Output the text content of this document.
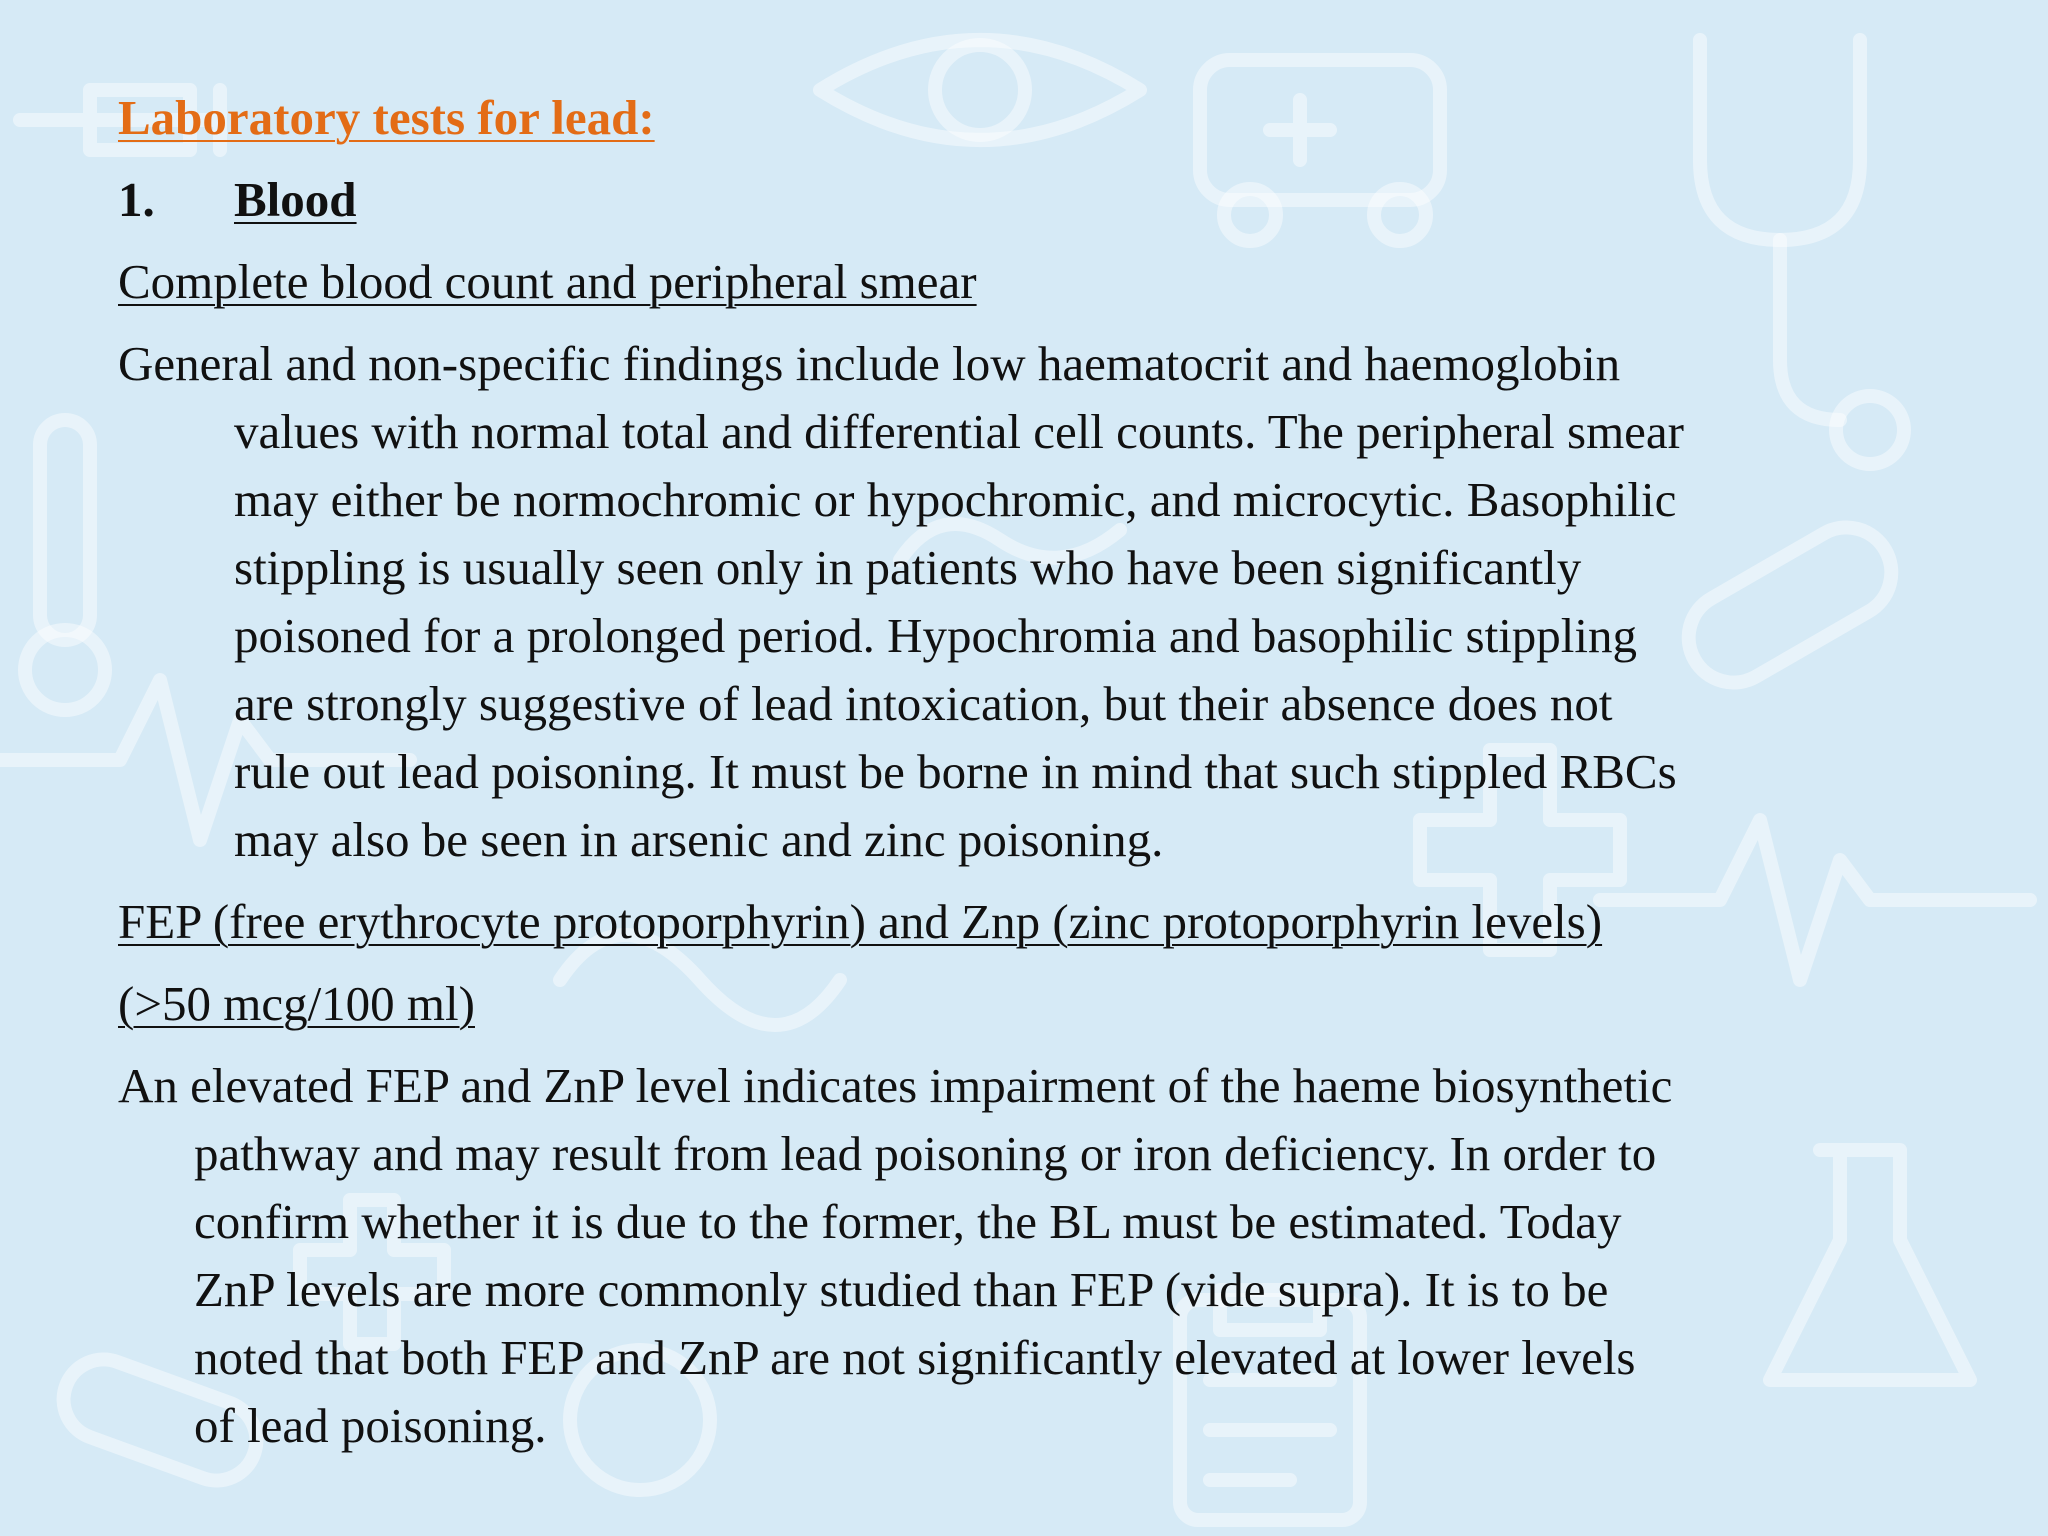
Laboratory tests for lead:
1. Blood
Complete blood count and peripheral smear
General and non-specific findings include low haematocrit and haemoglobin
values with normal total and differential cell counts. The peripheral smear
may either be normochromic or hypochromic, and microcytic. Basophilic
stippling is usually seen only in patients who have been significantly
poisoned for a prolonged period. Hypochromia and basophilic stippling
are strongly suggestive of lead intoxication, but their absence does not
rule out lead poisoning. It must be borne in mind that such stippled RBCs
may also be seen in arsenic and zinc poisoning.
FEP (free erythrocyte protoporphyrin) and Znp (zinc protoporphyrin levels)
(>50 mcg/100 ml)
An elevated FEP and ZnP level indicates impairment of the haeme biosynthetic
pathway and may result from lead poisoning or iron deficiency. In order to
confirm whether it is due to the former, the BL must be estimated. Today
ZnP levels are more commonly studied than FEP (vide supra). It is to be
noted that both FEP and ZnP are not significantly elevated at lower levels
of lead poisoning.
